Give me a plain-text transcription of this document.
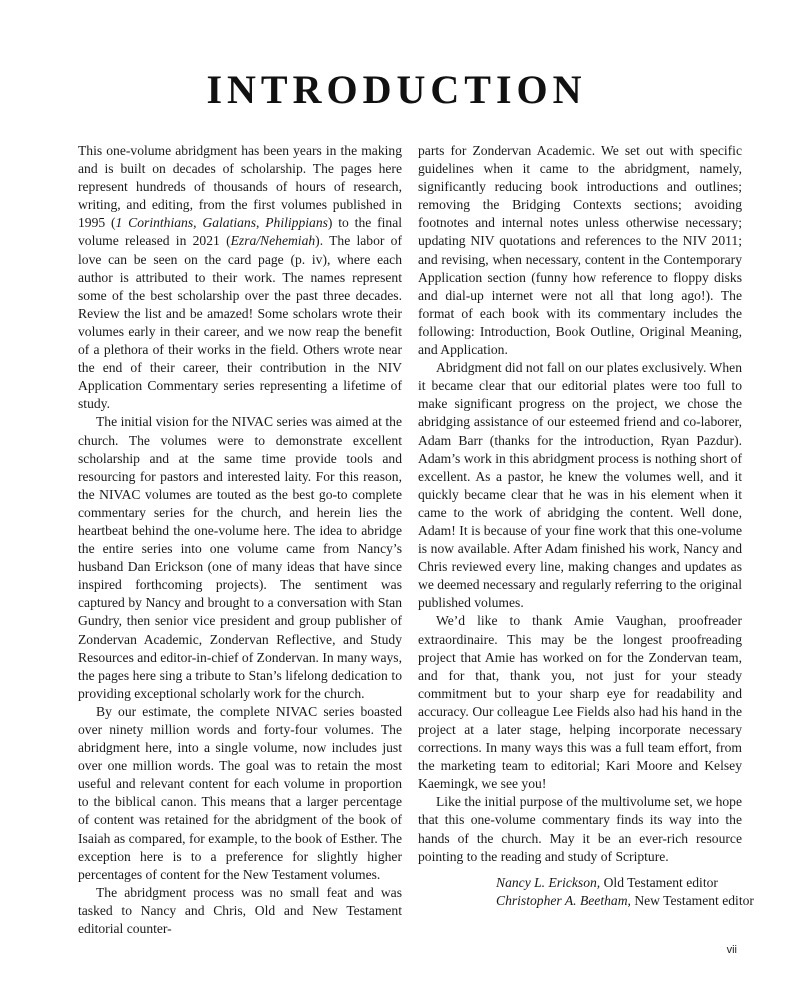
INTRODUCTION

This one-volume abridgment has been years in the making and is built on decades of scholarship. The pages here represent hundreds of thousands of hours of research, writing, and editing, from the first volumes published in 1995 (1 Corinthians, Galatians, Philippians) to the final volume released in 2021 (Ezra/Nehemiah). The labor of love can be seen on the card page (p. iv), where each author is attributed to their work. The names represent some of the best scholarship over the past three decades. Review the list and be amazed! Some scholars wrote their volumes early in their career, and we now reap the benefit of a plethora of their works in the field. Others wrote near the end of their career, their contribution in the NIV Application Commentary series representing a lifetime of study.

The initial vision for the NIVAC series was aimed at the church. The volumes were to demonstrate excellent scholarship and at the same time provide tools and resourcing for pastors and interested laity. For this reason, the NIVAC volumes are touted as the best go-to complete commentary series for the church, and herein lies the heartbeat behind the one-volume here. The idea to abridge the entire series into one volume came from Nancy’s husband Dan Erickson (one of many ideas that have since inspired forthcoming projects). The sentiment was captured by Nancy and brought to a conversation with Stan Gundry, then senior vice president and group publisher of Zondervan Academic, Zondervan Reflective, and Study Resources and editor-in-chief of Zondervan. In many ways, the pages here sing a tribute to Stan’s lifelong dedication to providing exceptional scholarly work for the church.

By our estimate, the complete NIVAC series boasted over ninety million words and forty-four volumes. The abridgment here, into a single volume, now includes just over one million words. The goal was to retain the most useful and relevant content for each volume in proportion to the biblical canon. This means that a larger percentage of content was retained for the abridgment of the book of Isaiah as compared, for example, to the book of Esther. The exception here is to a preference for slightly higher percentages of content for the New Testament volumes.

The abridgment process was no small feat and was tasked to Nancy and Chris, Old and New Testament editorial counter-

parts for Zondervan Academic. We set out with specific guidelines when it came to the abridgment, namely, significantly reducing book introductions and outlines; removing the Bridging Contexts sections; avoiding footnotes and internal notes unless otherwise necessary; updating NIV quotations and references to the NIV 2011; and revising, when necessary, content in the Contemporary Application section (funny how reference to floppy disks and dial-up internet were not all that long ago!). The format of each book with its commentary includes the following: Introduction, Book Outline, Original Meaning, and Application.

Abridgment did not fall on our plates exclusively. When it became clear that our editorial plates were too full to make significant progress on the project, we chose the abridging assistance of our esteemed friend and co-laborer, Adam Barr (thanks for the introduction, Ryan Pazdur). Adam’s work in this abridgment process is nothing short of excellent. As a pastor, he knew the volumes well, and it quickly became clear that he was in his element when it came to the work of abridging the content. Well done, Adam! It is because of your fine work that this one-volume is now available. After Adam finished his work, Nancy and Chris reviewed every line, making changes and updates as we deemed necessary and regularly referring to the original published volumes.

We’d like to thank Amie Vaughan, proofreader extraordinaire. This may be the longest proofreading project that Amie has worked on for the Zondervan team, and for that, thank you, not just for your steady commitment but to your sharp eye for readability and accuracy. Our colleague Lee Fields also had his hand in the project at a later stage, helping incorporate necessary corrections. In many ways this was a full team effort, from the marketing team to editorial; Kari Moore and Kelsey Kaemingk, we see you!

Like the initial purpose of the multivolume set, we hope that this one-volume commentary finds its way into the hands of the church. May it be an ever-rich resource pointing to the reading and study of Scripture.

Nancy L. Erickson, Old Testament editor
Christopher A. Beetham, New Testament editor
vii
